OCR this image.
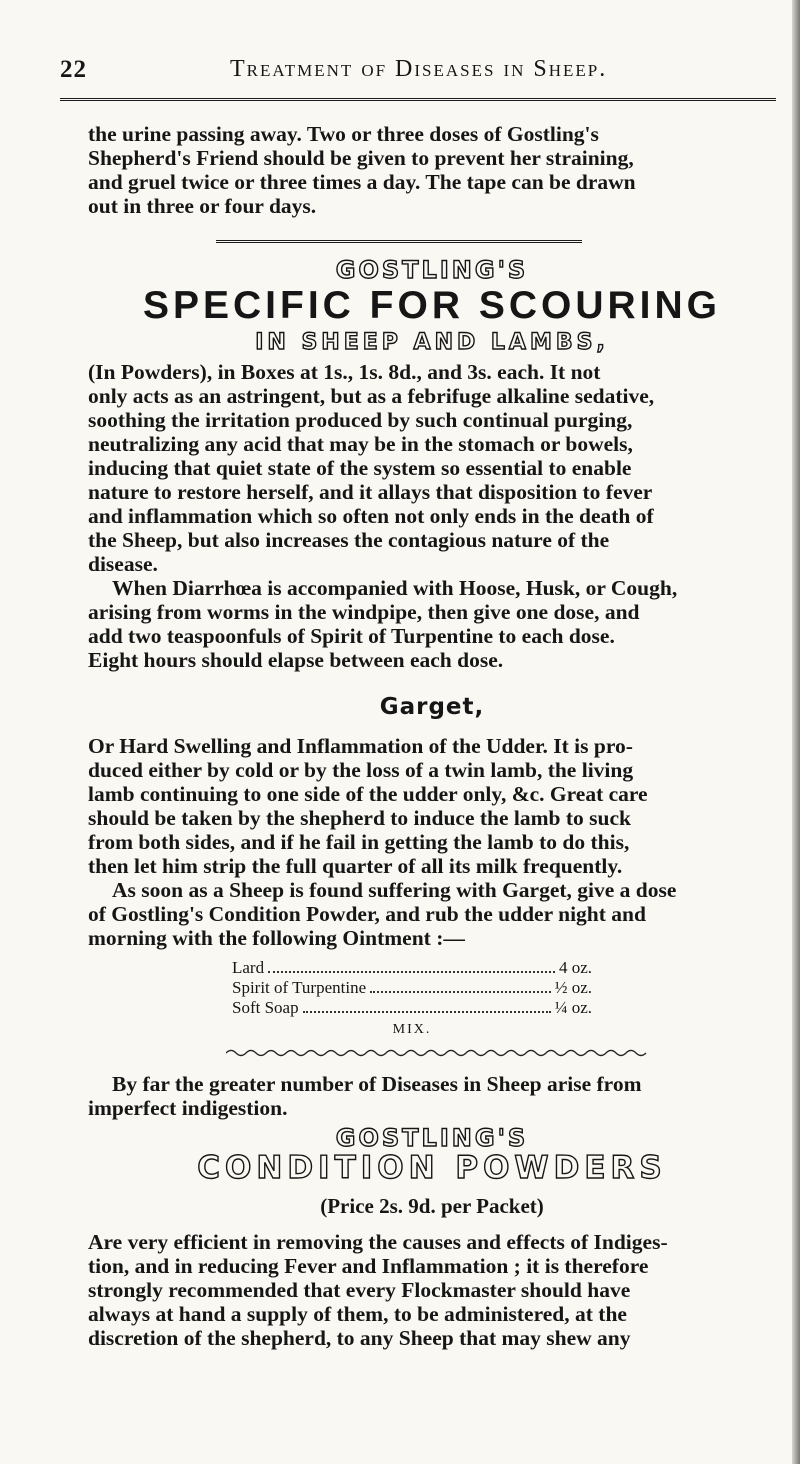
22	Treatment of Diseases in Sheep.

the urine passing away. Two or three doses of Gostling's

Shepherd's Friend should be given to prevent her straining,

and gruel twice or three times a day. The tape can be drawn

out in three or four days.

GOSTLING'S
SPECIFIC FOR SCOURING
IN SHEEP AND LAMBS,

(In Powders), in Boxes at 1s., 1s. 8d., and 3s. each. It not

only acts as an astringent, but as a febrifuge alkaline sedative,

soothing the irritation produced by such continual purging,

neutralizing any acid that may be in the stomach or bowels,

inducing that quiet state of the system so essential to enable

nature to restore herself, and it allays that disposition to fever

and inflammation which so often not only ends in the death of

the Sheep, but also increases the contagious nature of the

disease.

When Diarrhœa is accompanied with Hoose, Husk, or Cough,

arising from worms in the windpipe, then give one dose, and

add two teaspoonfuls of Spirit of Turpentine to each dose.

Eight hours should elapse between each dose.

Garget,

Or Hard Swelling and Inflammation of the Udder. It is pro-

duced either by cold or by the loss of a twin lamb, the living

lamb continuing to one side of the udder only, &c. Great care

should be taken by the shepherd to induce the lamb to suck

from both sides, and if he fail in getting the lamb to do this,

then let him strip the full quarter of all its milk frequently.

As soon as a Sheep is found suffering with Garget, give a dose

of Gostling's Condition Powder, and rub the udder night and

morning with the following Ointment :—

Lard	4 oz.
Spirit of Turpentine	½ oz.
Soft Soap	¼ oz.
MIX.

By far the greater number of Diseases in Sheep arise from

imperfect indigestion.

GOSTLING'S
CONDITION POWDERS
(Price 2s. 9d. per Packet)

Are very efficient in removing the causes and effects of Indiges-

tion, and in reducing Fever and Inflammation ; it is therefore

strongly recommended that every Flockmaster should have

always at hand a supply of them, to be administered, at the

discretion of the shepherd, to any Sheep that may shew any
